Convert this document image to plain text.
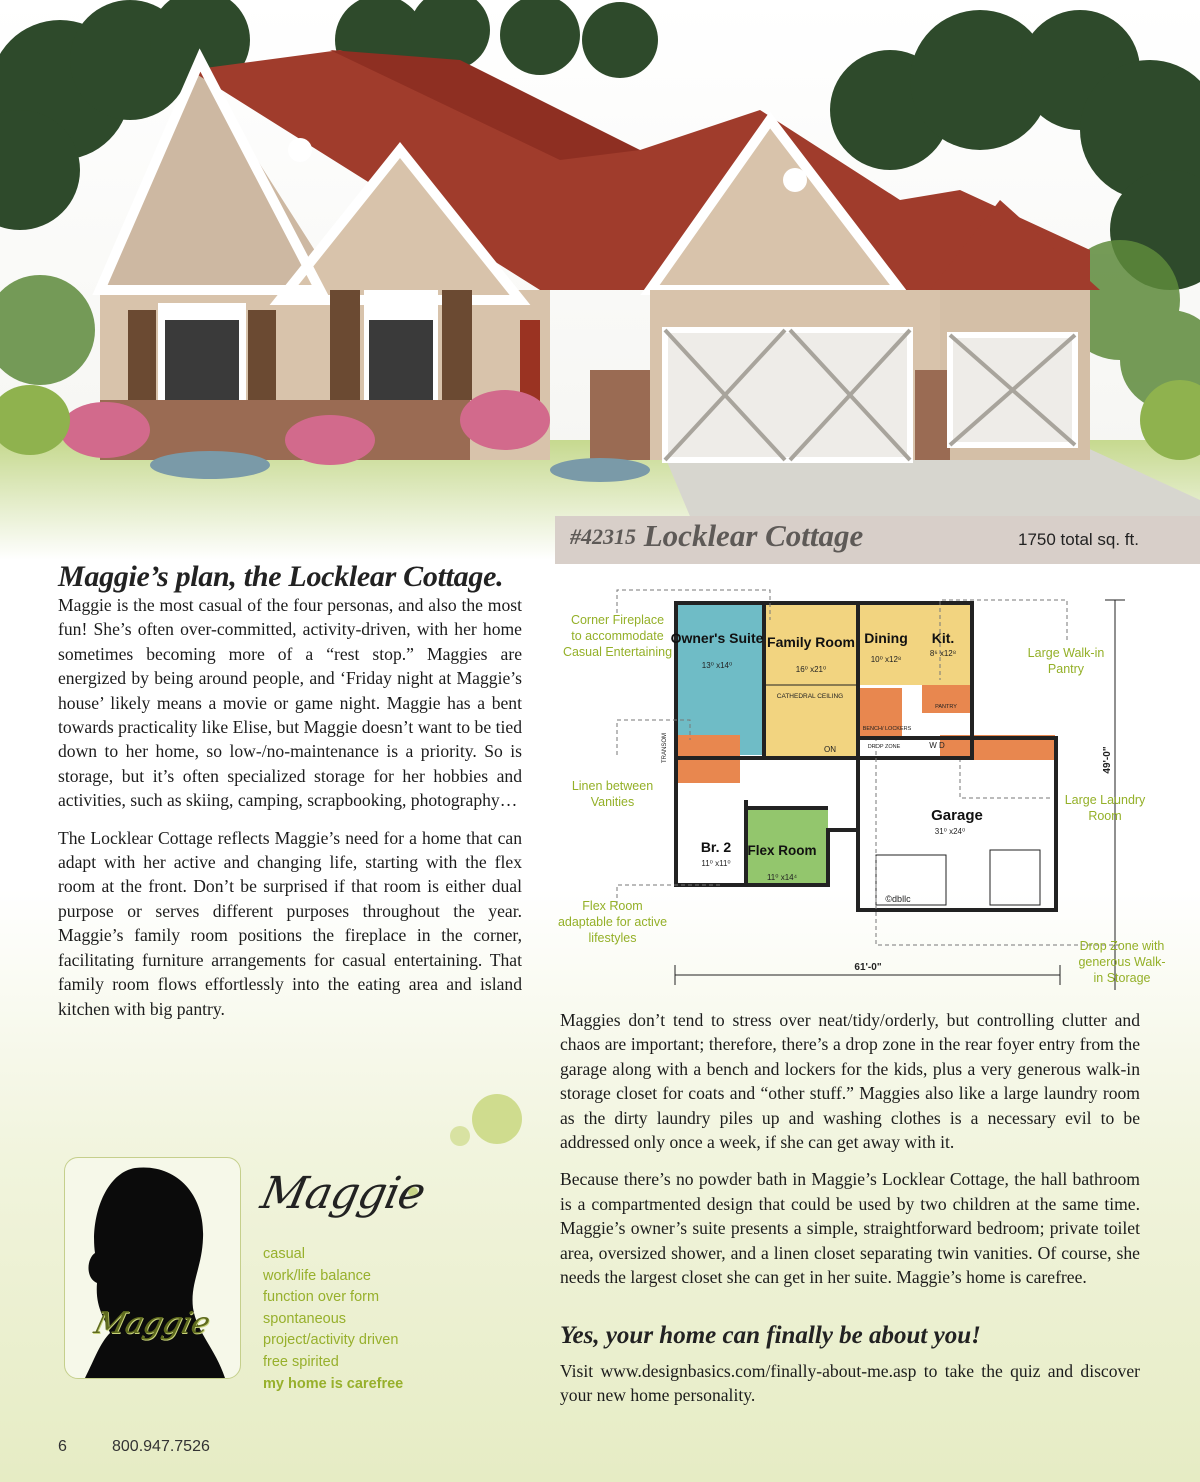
$^{\#42315}$ Locklear Cottage	1750 total sq. ft.
Maggie’s plan, the Locklear Cottage.

Maggie is the most casual of the four personas, and also the most fun! She’s often over-committed, activity-driven, with her home sometimes becoming more of a “rest stop.” Maggies are energized by being around people, and ‘Friday night at Maggie’s house’ likely means a movie or game night. Maggie has a bent towards practicality like Elise, but Maggie doesn’t want to be tied down to her home, so low-/no-maintenance is a priority. So is storage, but it’s often specialized storage for her hobbies and activities, such as skiing, camping, scrapbooking, photography…

The Locklear Cottage reflects Maggie’s need for a home that can adapt with her active and changing life, starting with the flex room at the front. Don’t be surprised if that room is either dual purpose or serves different purposes throughout the year. Maggie’s family room positions the fireplace in the corner, facilitating furniture arrangements for casual entertaining. That family room flows effortlessly into the eating area and island kitchen with big pantry.

Owner's Suite Family Room Dining Kit.
Garage
Br. 2 Flex Room
13⁰ x14⁰	16⁰ x21⁰
10⁰ x12⁸
8⁶ x12⁸
31⁰ x24⁰
11⁰ x11⁰
11⁰ x14⁴
CATHEDRAL CEILING
BENCH/ LOCKERS
DROP ZONE
PANTRY
W D
ON
©dbllc
61'-0"
TRANSOM	49'-0"
Corner Fireplace
to accommodate
Casual Entertaining	Large Walk-in
Pantry
Linen between
Vanities	Large Laundry
Room
Flex Room
adaptable for active
lifestyles
Drop Zone with
generous Walk-
in Storage

Maggies don’t tend to stress over neat/tidy/orderly, but controlling clutter and chaos are important; therefore, there’s a drop zone in the rear foyer entry from the garage along with a bench and lockers for the kids, plus a very generous walk-in storage closet for coats and “other stuff.” Maggies also like a large laundry room as the dirty laundry piles up and washing clothes is a necessary evil to be addressed only once a week, if she can get away with it.

Because there’s no powder bath in Maggie’s Locklear Cottage, the hall bathroom is a compartmented design that could be used by two children at the same time. Maggie’s owner’s suite presents a simple, straightforward bedroom; private toilet area, oversized shower, and a linen closet separating twin vanities. Of course, she needs the largest closet she can get in her suite. Maggie’s home is carefree.

Yes, your home can finally be about you!

Visit www.designbasics.com/finally-about-me.asp to take the quiz and discover your new home personality.

Maggie
Maggie
casual
work/life balance
function over form
spontaneous
project/activity driven
free spirited
my home is carefree
6	800.947.7526
